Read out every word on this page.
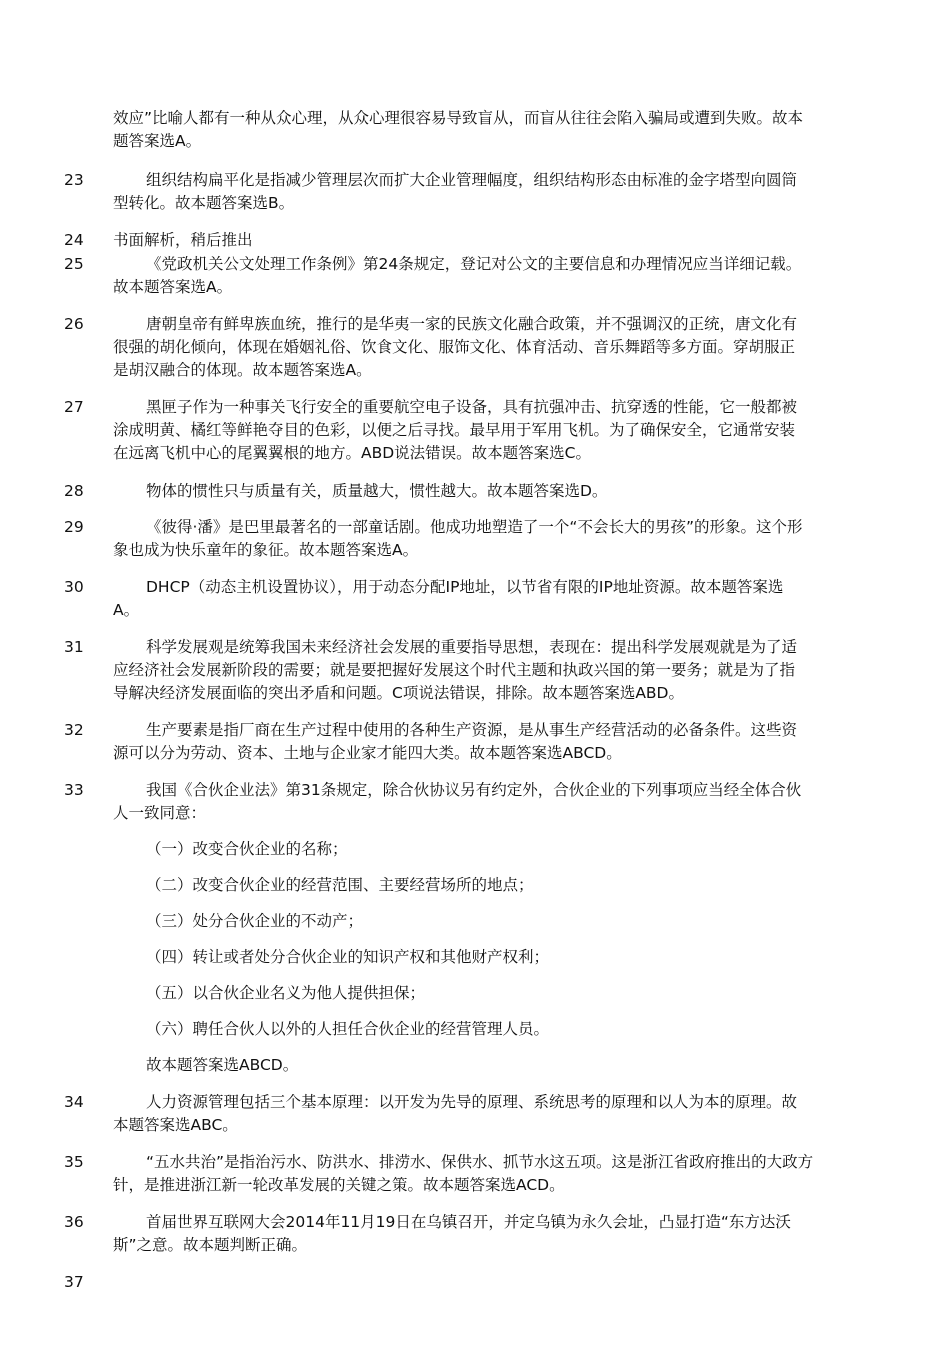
效应”比喻人都有一种从众心理，从众心理很容易导致盲从，而盲从往往会陷入骗局或遭到失败。故本
题答案选A。
23	组织结构扁平化是指减少管理层次而扩大企业管理幅度，组织结构形态由标准的金字塔型向圆筒
型转化。故本题答案选B。
24 书面解析，稍后推出
25	《党政机关公文处理工作条例》第24条规定，登记对公文的主要信息和办理情况应当详细记载。
故本题答案选A。
26	唐朝皇帝有鲜卑族血统，推行的是华夷一家的民族文化融合政策，并不强调汉的正统，唐文化有
很强的胡化倾向，体现在婚姻礼俗、饮食文化、服饰文化、体育活动、音乐舞蹈等多方面。穿胡服正
是胡汉融合的体现。故本题答案选A。
27	黑匣子作为一种事关飞行安全的重要航空电子设备，具有抗强冲击、抗穿透的性能，它一般都被
涂成明黄、橘红等鲜艳夺目的色彩，以便之后寻找。最早用于军用飞机。为了确保安全，它通常安装
在远离飞机中心的尾翼翼根的地方。ABD说法错误。故本题答案选C。
28	物体的惯性只与质量有关，质量越大，惯性越大。故本题答案选D。
29	《彼得·潘》是巴里最著名的一部童话剧。他成功地塑造了一个“不会长大的男孩”的形象。这个形
象也成为快乐童年的象征。故本题答案选A。
30	DHCP（动态主机设置协议），用于动态分配IP地址，以节省有限的IP地址资源。故本题答案选
A。
31	科学发展观是统筹我国未来经济社会发展的重要指导思想，表现在：提出科学发展观就是为了适
应经济社会发展新阶段的需要；就是要把握好发展这个时代主题和执政兴国的第一要务；就是为了指
导解决经济发展面临的突出矛盾和问题。C项说法错误，排除。故本题答案选ABD。
32	生产要素是指厂商在生产过程中使用的各种生产资源，是从事生产经营活动的必备条件。这些资
源可以分为劳动、资本、土地与企业家才能四大类。故本题答案选ABCD。
33	我国《合伙企业法》第31条规定，除合伙协议另有约定外，合伙企业的下列事项应当经全体合伙
人一致同意：
（一）改变合伙企业的名称；
（二）改变合伙企业的经营范围、主要经营场所的地点；
（三）处分合伙企业的不动产；
（四）转让或者处分合伙企业的知识产权和其他财产权利；
（五）以合伙企业名义为他人提供担保；
（六）聘任合伙人以外的人担任合伙企业的经营管理人员。
故本题答案选ABCD。
34	人力资源管理包括三个基本原理：以开发为先导的原理、系统思考的原理和以人为本的原理。故
本题答案选ABC。
35	“五水共治”是指治污水、防洪水、排涝水、保供水、抓节水这五项。这是浙江省政府推出的大政方
针，是推进浙江新一轮改革发展的关键之策。故本题答案选ACD。
36	首届世界互联网大会2014年11月19日在乌镇召开，并定乌镇为永久会址，凸显打造“东方达沃
斯”之意。故本题判断正确。
37
